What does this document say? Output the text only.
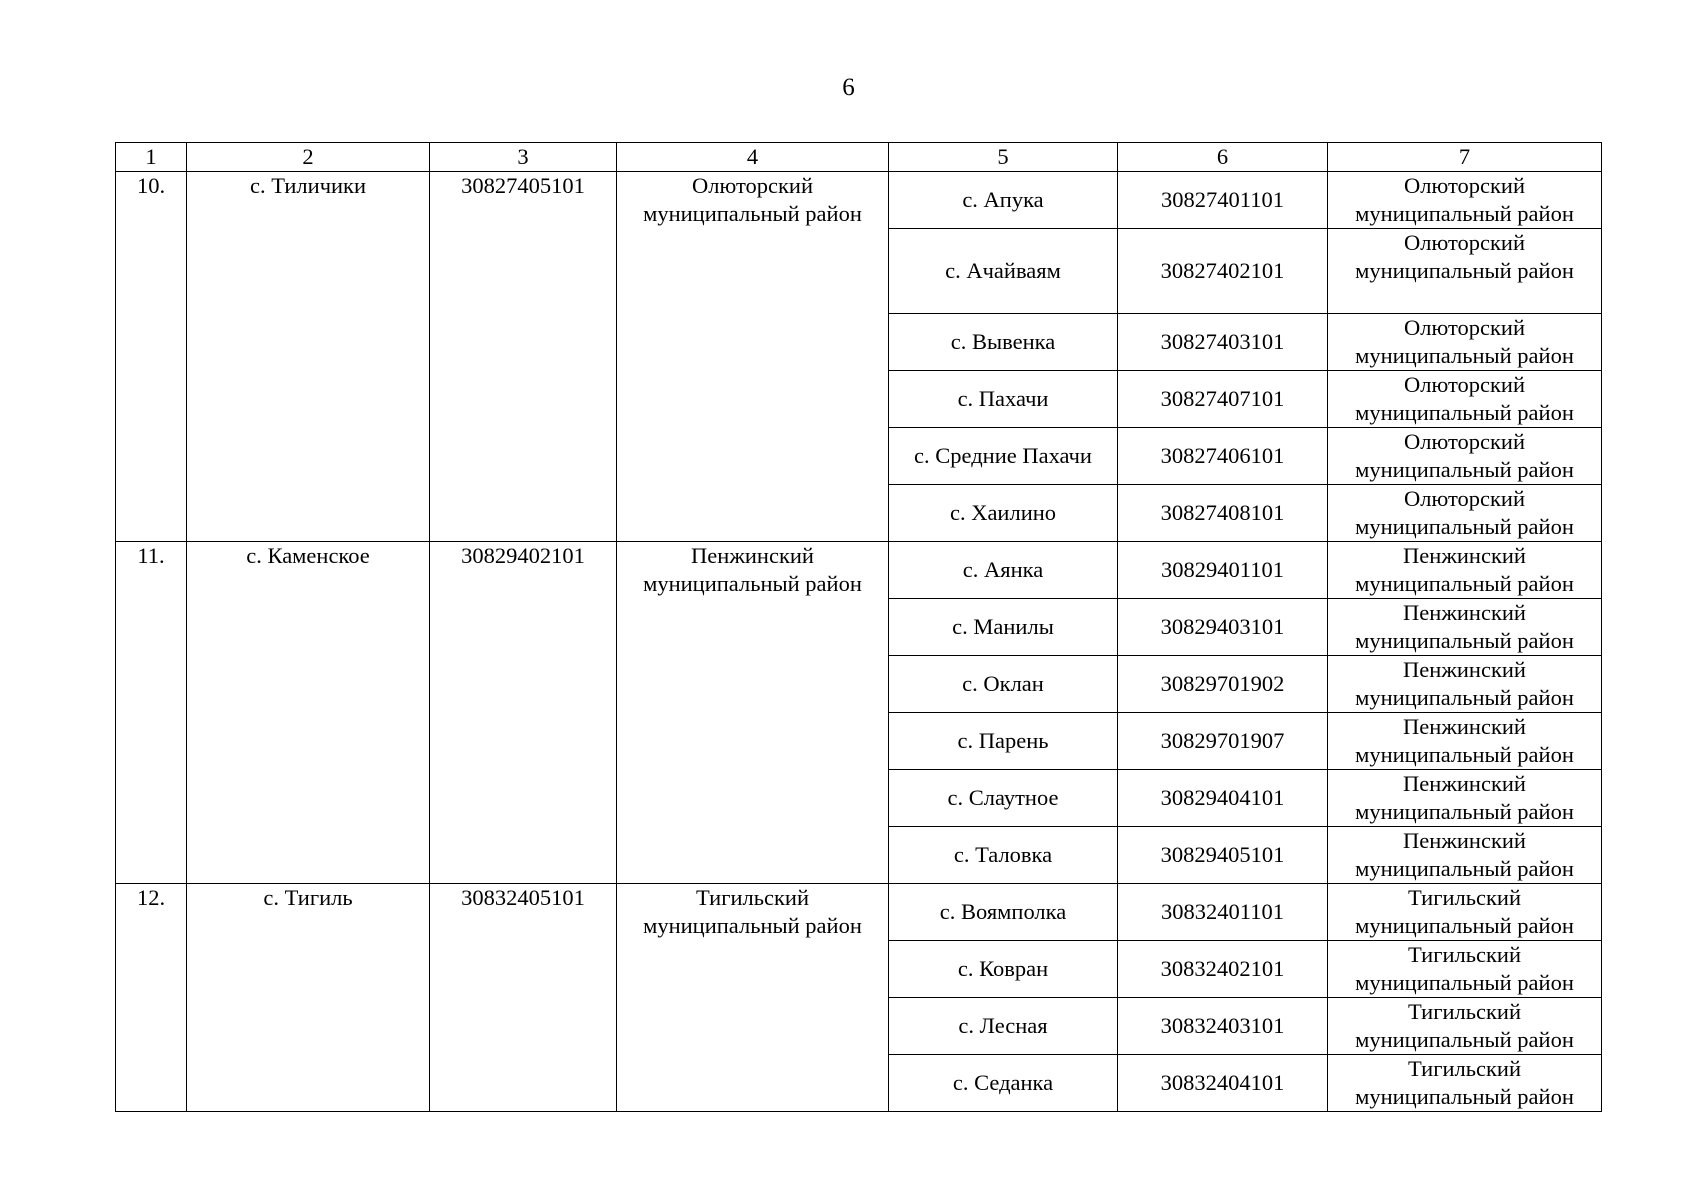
6
1	2	3	4	5	6	7
10.	с. Тиличики	30827405101	Олюторский муниципальный район	с. Апука	30827401101	Олюторский муниципальный район
				с. Ачайваям	30827402101	Олюторский муниципальный район
				с. Вывенка	30827403101	Олюторский муниципальный район
				с. Пахачи	30827407101	Олюторский муниципальный район
				с. Средние Пахачи	30827406101	Олюторский муниципальный район
				с. Хаилино	30827408101	Олюторский муниципальный район
11.	с. Каменское	30829402101	Пенжинский муниципальный район	с. Аянка	30829401101	Пенжинский муниципальный район
				с. Манилы	30829403101	Пенжинский муниципальный район
				с. Оклан	30829701902	Пенжинский муниципальный район
				с. Парень	30829701907	Пенжинский муниципальный район
				с. Слаутное	30829404101	Пенжинский муниципальный район
				с. Таловка	30829405101	Пенжинский муниципальный район
12.	с. Тигиль	30832405101	Тигильский муниципальный район	с. Воямполка	30832401101	Тигильский муниципальный район
				с. Ковран	30832402101	Тигильский муниципальный район
				с. Лесная	30832403101	Тигильский муниципальный район
				с. Седанка	30832404101	Тигильский муниципальный район
